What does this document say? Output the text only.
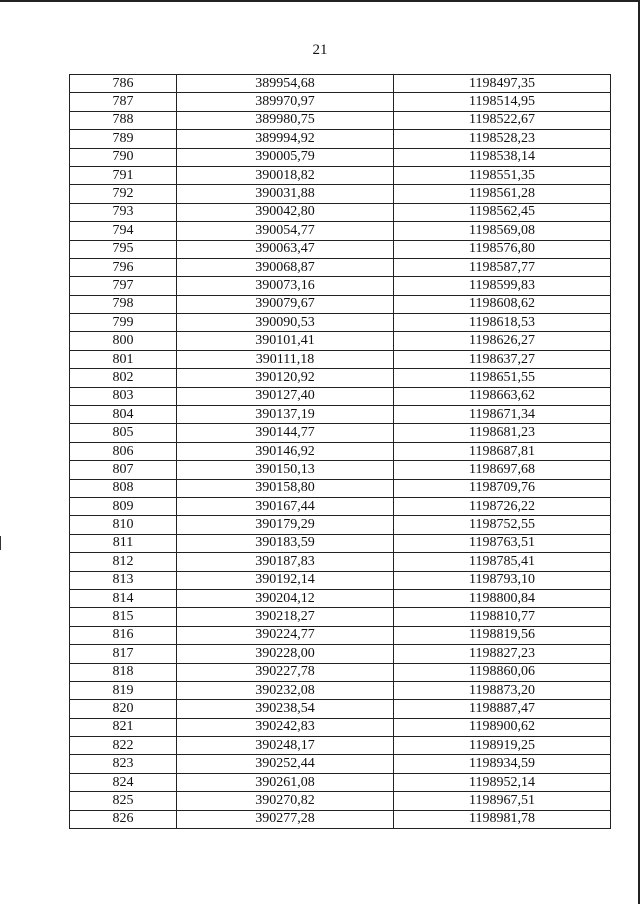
21
786	389954,68	1198497,35
787	389970,97	1198514,95
788	389980,75	1198522,67
789	389994,92	1198528,23
790	390005,79	1198538,14
791	390018,82	1198551,35
792	390031,88	1198561,28
793	390042,80	1198562,45
794	390054,77	1198569,08
795	390063,47	1198576,80
796	390068,87	1198587,77
797	390073,16	1198599,83
798	390079,67	1198608,62
799	390090,53	1198618,53
800	390101,41	1198626,27
801	390111,18	1198637,27
802	390120,92	1198651,55
803	390127,40	1198663,62
804	390137,19	1198671,34
805	390144,77	1198681,23
806	390146,92	1198687,81
807	390150,13	1198697,68
808	390158,80	1198709,76
809	390167,44	1198726,22
810	390179,29	1198752,55
811	390183,59	1198763,51
812	390187,83	1198785,41
813	390192,14	1198793,10
814	390204,12	1198800,84
815	390218,27	1198810,77
816	390224,77	1198819,56
817	390228,00	1198827,23
818	390227,78	1198860,06
819	390232,08	1198873,20
820	390238,54	1198887,47
821	390242,83	1198900,62
822	390248,17	1198919,25
823	390252,44	1198934,59
824	390261,08	1198952,14
825	390270,82	1198967,51
826	390277,28	1198981,78
